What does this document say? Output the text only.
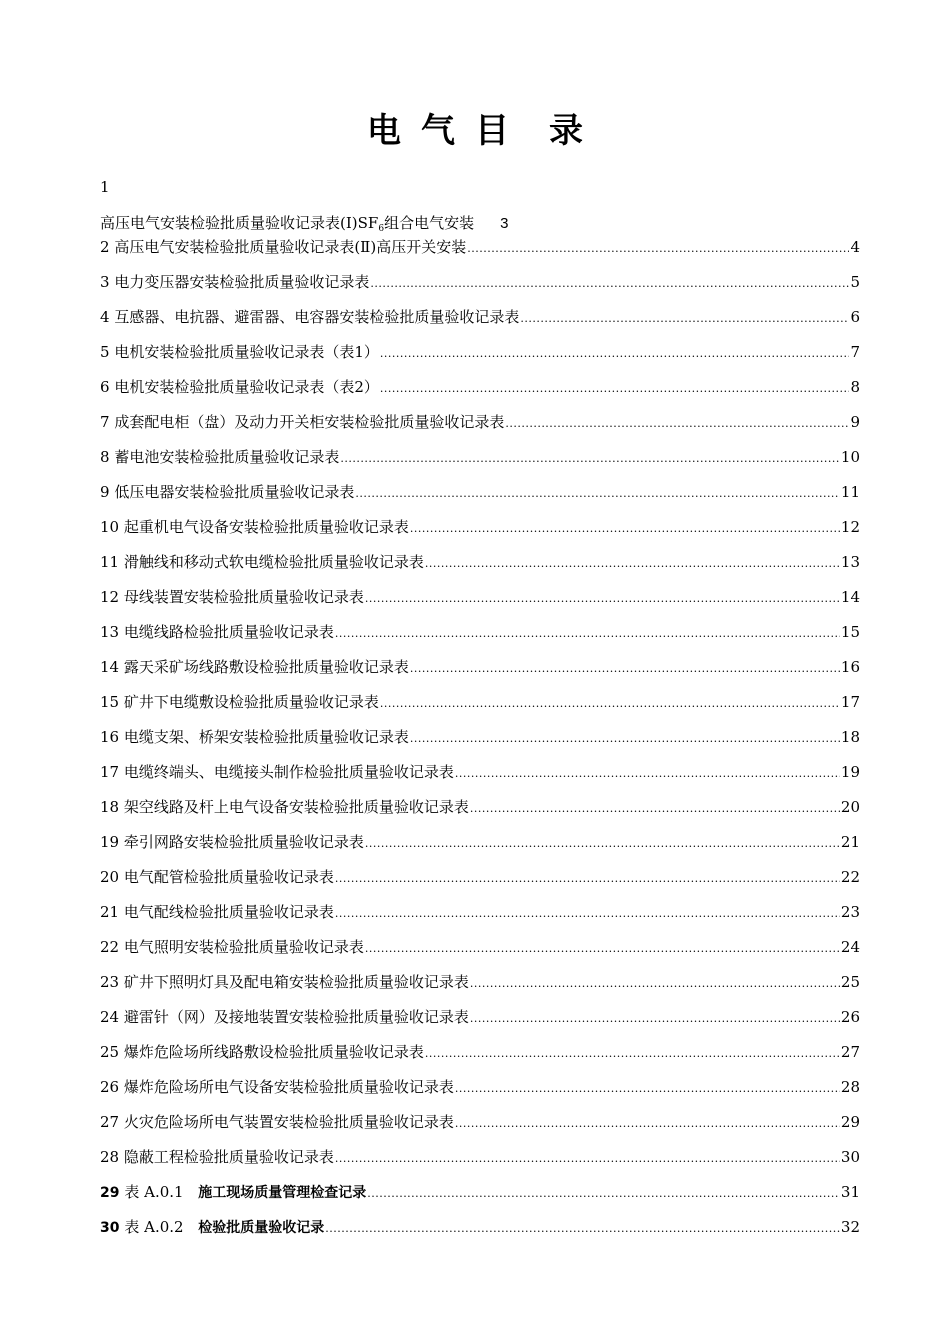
电 气 目 录
1
高压电气安装检验批质量验收记录表$(Ⅰ)SF_6$组合电气安装 3
2 高压电气安装检验批质量验收记录表(Ⅱ)高压开关安装 .....	4
3 电力变压器安装检验批质量验收记录表 .....	5
4 互感器、电抗器、避雷器、电容器安装检验批质量验收记录表 .....	6
5 电机安装检验批质量验收记录表（表1） .....	7
6 电机安装检验批质量验收记录表（表2） .....	8
7 成套配电柜（盘）及动力开关柜安装检验批质量验收记录表 .....	9
8 蓄电池安装检验批质量验收记录表 .....	10
9 低压电器安装检验批质量验收记录表 .....	11
10 起重机电气设备安装检验批质量验收记录表 .....	12
11 滑触线和移动式软电缆检验批质量验收记录表 .....	13
12 母线装置安装检验批质量验收记录表 .....	14
13 电缆线路检验批质量验收记录表 .....	15
14 露天采矿场线路敷设检验批质量验收记录表 .....	16
15 矿井下电缆敷设检验批质量验收记录表 .....	17
16 电缆支架、桥架安装检验批质量验收记录表 .....	18
17 电缆终端头、电缆接头制作检验批质量验收记录表 .....	19
18 架空线路及杆上电气设备安装检验批质量验收记录表 .....	20
19 牵引网路安装检验批质量验收记录表 .....	21
20 电气配管检验批质量验收记录表 .....	22
21 电气配线检验批质量验收记录表 .....	23
22 电气照明安装检验批质量验收记录表 .....	24
23 矿井下照明灯具及配电箱安装检验批质量验收记录表 .....	25
24 避雷针（网）及接地装置安装检验批质量验收记录表 .....	26
25 爆炸危险场所线路敷设检验批质量验收记录表 .....	27
26 爆炸危险场所电气设备安装检验批质量验收记录表 .....	28
27 火灾危险场所电气装置安装检验批质量验收记录表 .....	29
28 隐蔽工程检验批质量验收记录表 .....	30
29 表 A.0.1 施工现场质量管理检查记录 .....	31
30 表 A.0.2 检验批质量验收记录 .....	32
